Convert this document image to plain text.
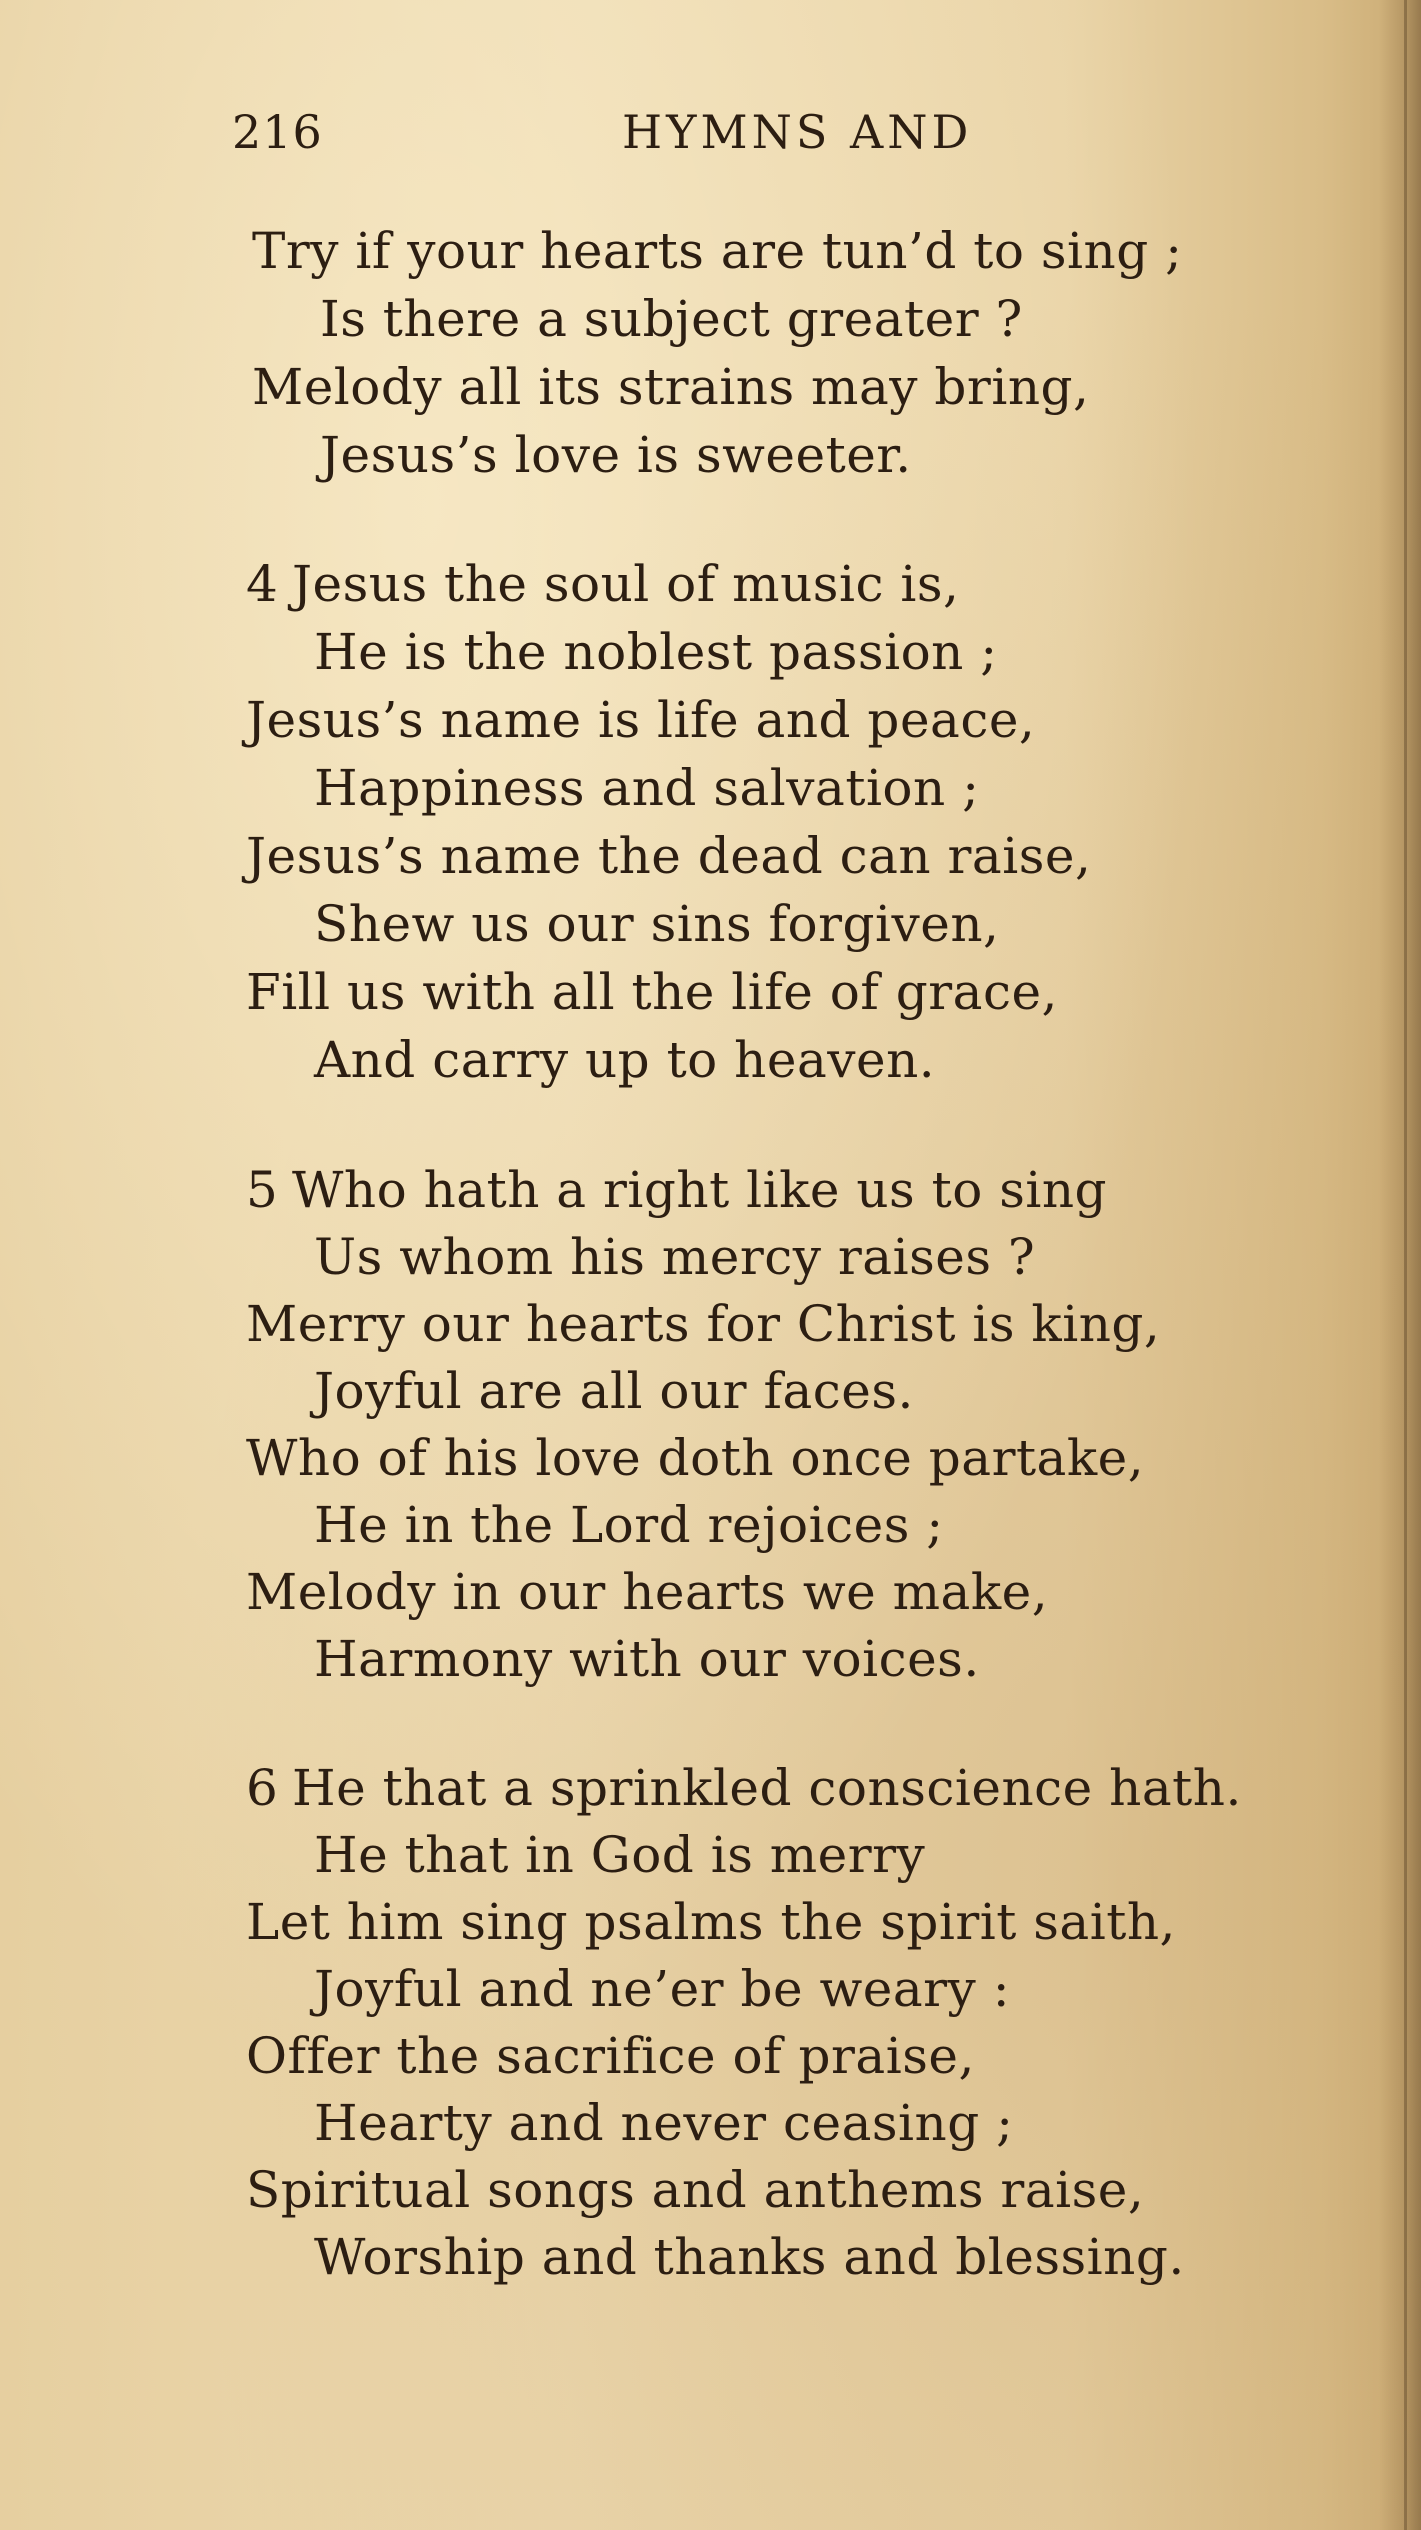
216	HYMNS AND
Try if your hearts are tun’d to sing ;
Is there a subject greater ?
Melody all its strains may bring,
Jesus’s love is sweeter.
4 Jesus the soul of music is,
He is the noblest passion ;
Jesus’s name is life and peace,
Happiness and salvation ;
Jesus’s name the dead can raise,
Shew us our sins forgiven,
Fill us with all the life of grace,
And carry up to heaven.
5 Who hath a right like us to sing
Us whom his mercy raises ?
Merry our hearts for Christ is king,
Joyful are all our faces.
Who of his love doth once partake,
He in the Lord rejoices ;
Melody in our hearts we make,
Harmony with our voices.
6 He that a sprinkled conscience hath.
He that in God is merry
Let him sing psalms the spirit saith,
Joyful and ne’er be weary :
Offer the sacrifice of praise,
Hearty and never ceasing ;
Spiritual songs and anthems raise,
Worship and thanks and blessing.
